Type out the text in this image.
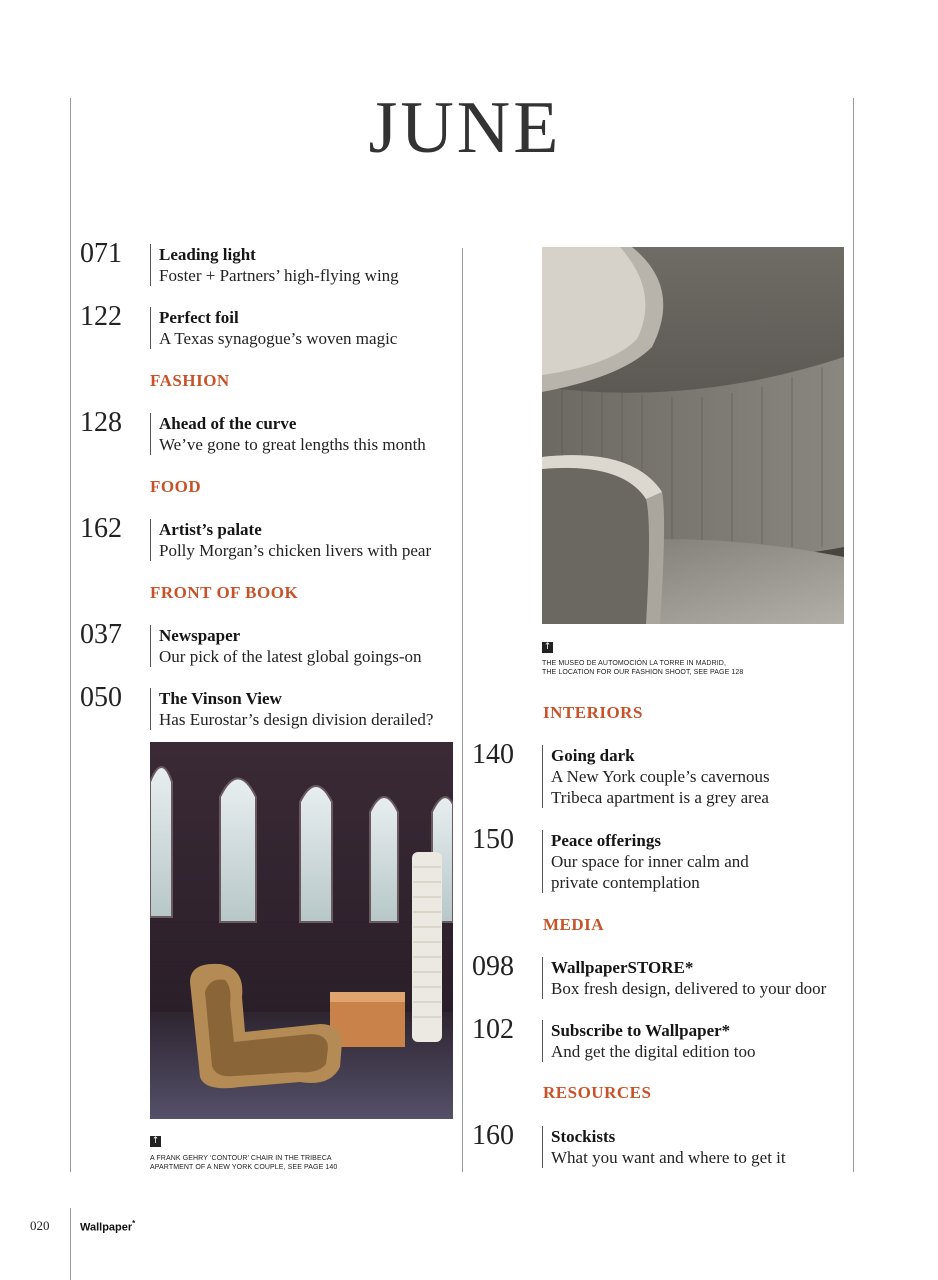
JUNE
071 Leading light
Foster + Partners’ high-flying wing
122 Perfect foil
A Texas synagogue’s woven magic
FASHION
128 Ahead of the curve
We’ve gone to great lengths this month
FOOD
162 Artist’s palate
Polly Morgan’s chicken livers with pear
FRONT OF BOOK
037 Newspaper
Our pick of the latest global goings-on
050 The Vinson View
Has Eurostar’s design division derailed?
↑
A FRANK GEHRY ‘CONTOUR’ CHAIR IN THE TRIBECA
APARTMENT OF A NEW YORK COUPLE, SEE PAGE 140
↑
THE MUSEO DE AUTOMOCIÓN LA TORRE IN MADRID,
THE LOCATION FOR OUR FASHION SHOOT, SEE PAGE 128
INTERIORS
140 Going dark
A New York couple’s cavernous
Tribeca apartment is a grey area
150 Peace offerings
Our space for inner calm and
private contemplation
MEDIA
098 WallpaperSTORE*
Box fresh design, delivered to your door
102 Subscribe to Wallpaper*
And get the digital edition too
RESOURCES
160 Stockists
What you want and where to get it
020	Wallpaper*
